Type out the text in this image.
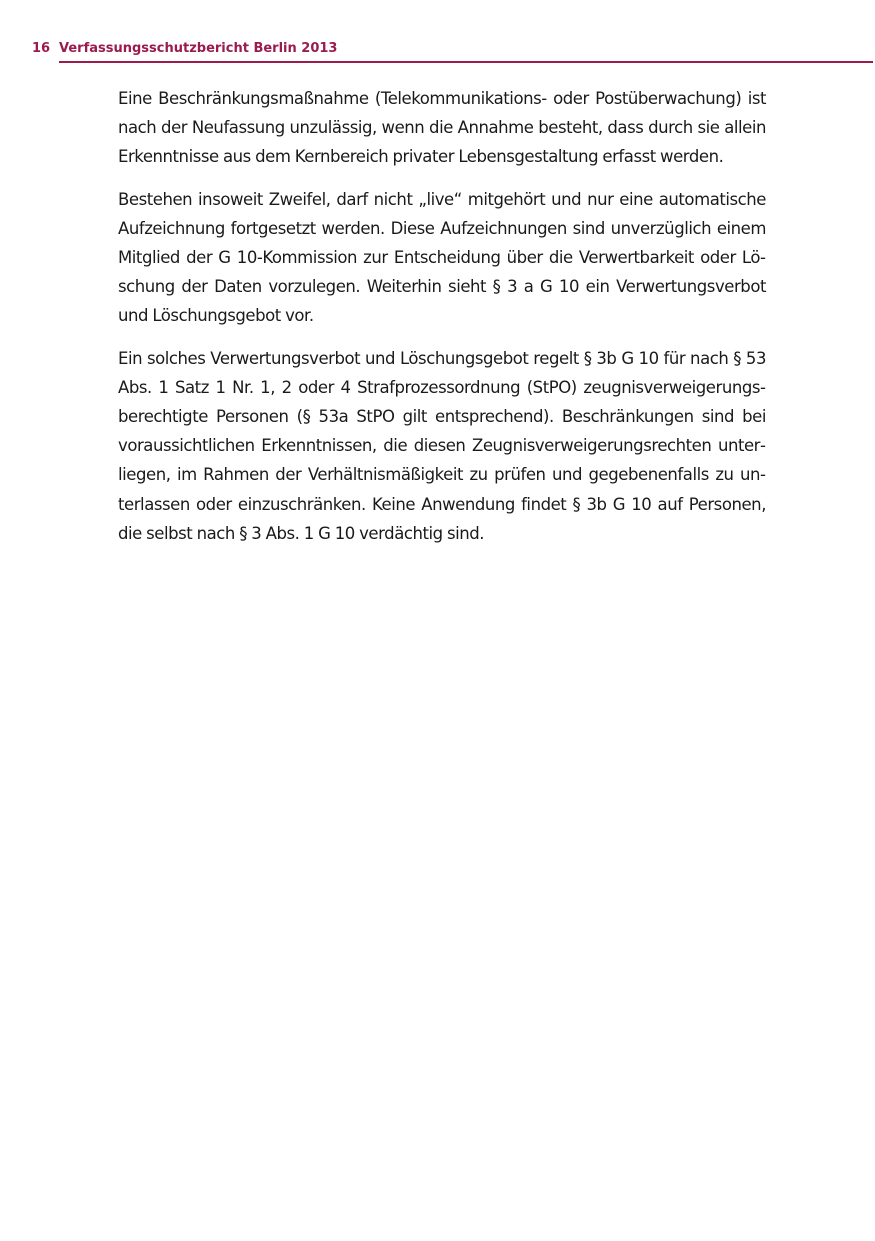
16 Verfassungsschutzbericht Berlin 2013

Eine Beschränkungsmaßnahme (Telekommunikations- oder Postüberwachung) ist nach der Neufassung unzulässig, wenn die Annahme besteht, dass durch sie allein Erkenntnisse aus dem Kernbereich privater Lebensgestaltung erfasst werden.

Bestehen insoweit Zweifel, darf nicht „live“ mitgehört und nur eine automatische Aufzeichnung fortgesetzt werden. Diese Aufzeichnungen sind unverzüglich einem Mitglied der G 10-Kommission zur Entscheidung über die Verwertbarkeit oder Löschung der Daten vorzulegen. Weiterhin sieht § 3 a G 10 ein Verwertungsverbot und Löschungsgebot vor.

Ein solches Verwertungsverbot und Löschungsgebot regelt § 3b G 10 für nach § 53 Abs. 1 Satz 1 Nr. 1, 2 oder 4 Strafprozessordnung (StPO) zeugnisverweigerungsberechtigte Personen (§ 53a StPO gilt entsprechend). Beschränkungen sind bei voraussichtlichen Erkenntnissen, die diesen Zeugnisverweigerungsrechten unterliegen, im Rahmen der Verhältnismäßigkeit zu prüfen und gegebenenfalls zu unterlassen oder einzuschränken. Keine Anwendung findet § 3b G 10 auf Personen, die selbst nach § 3 Abs. 1 G 10 verdächtig sind.
